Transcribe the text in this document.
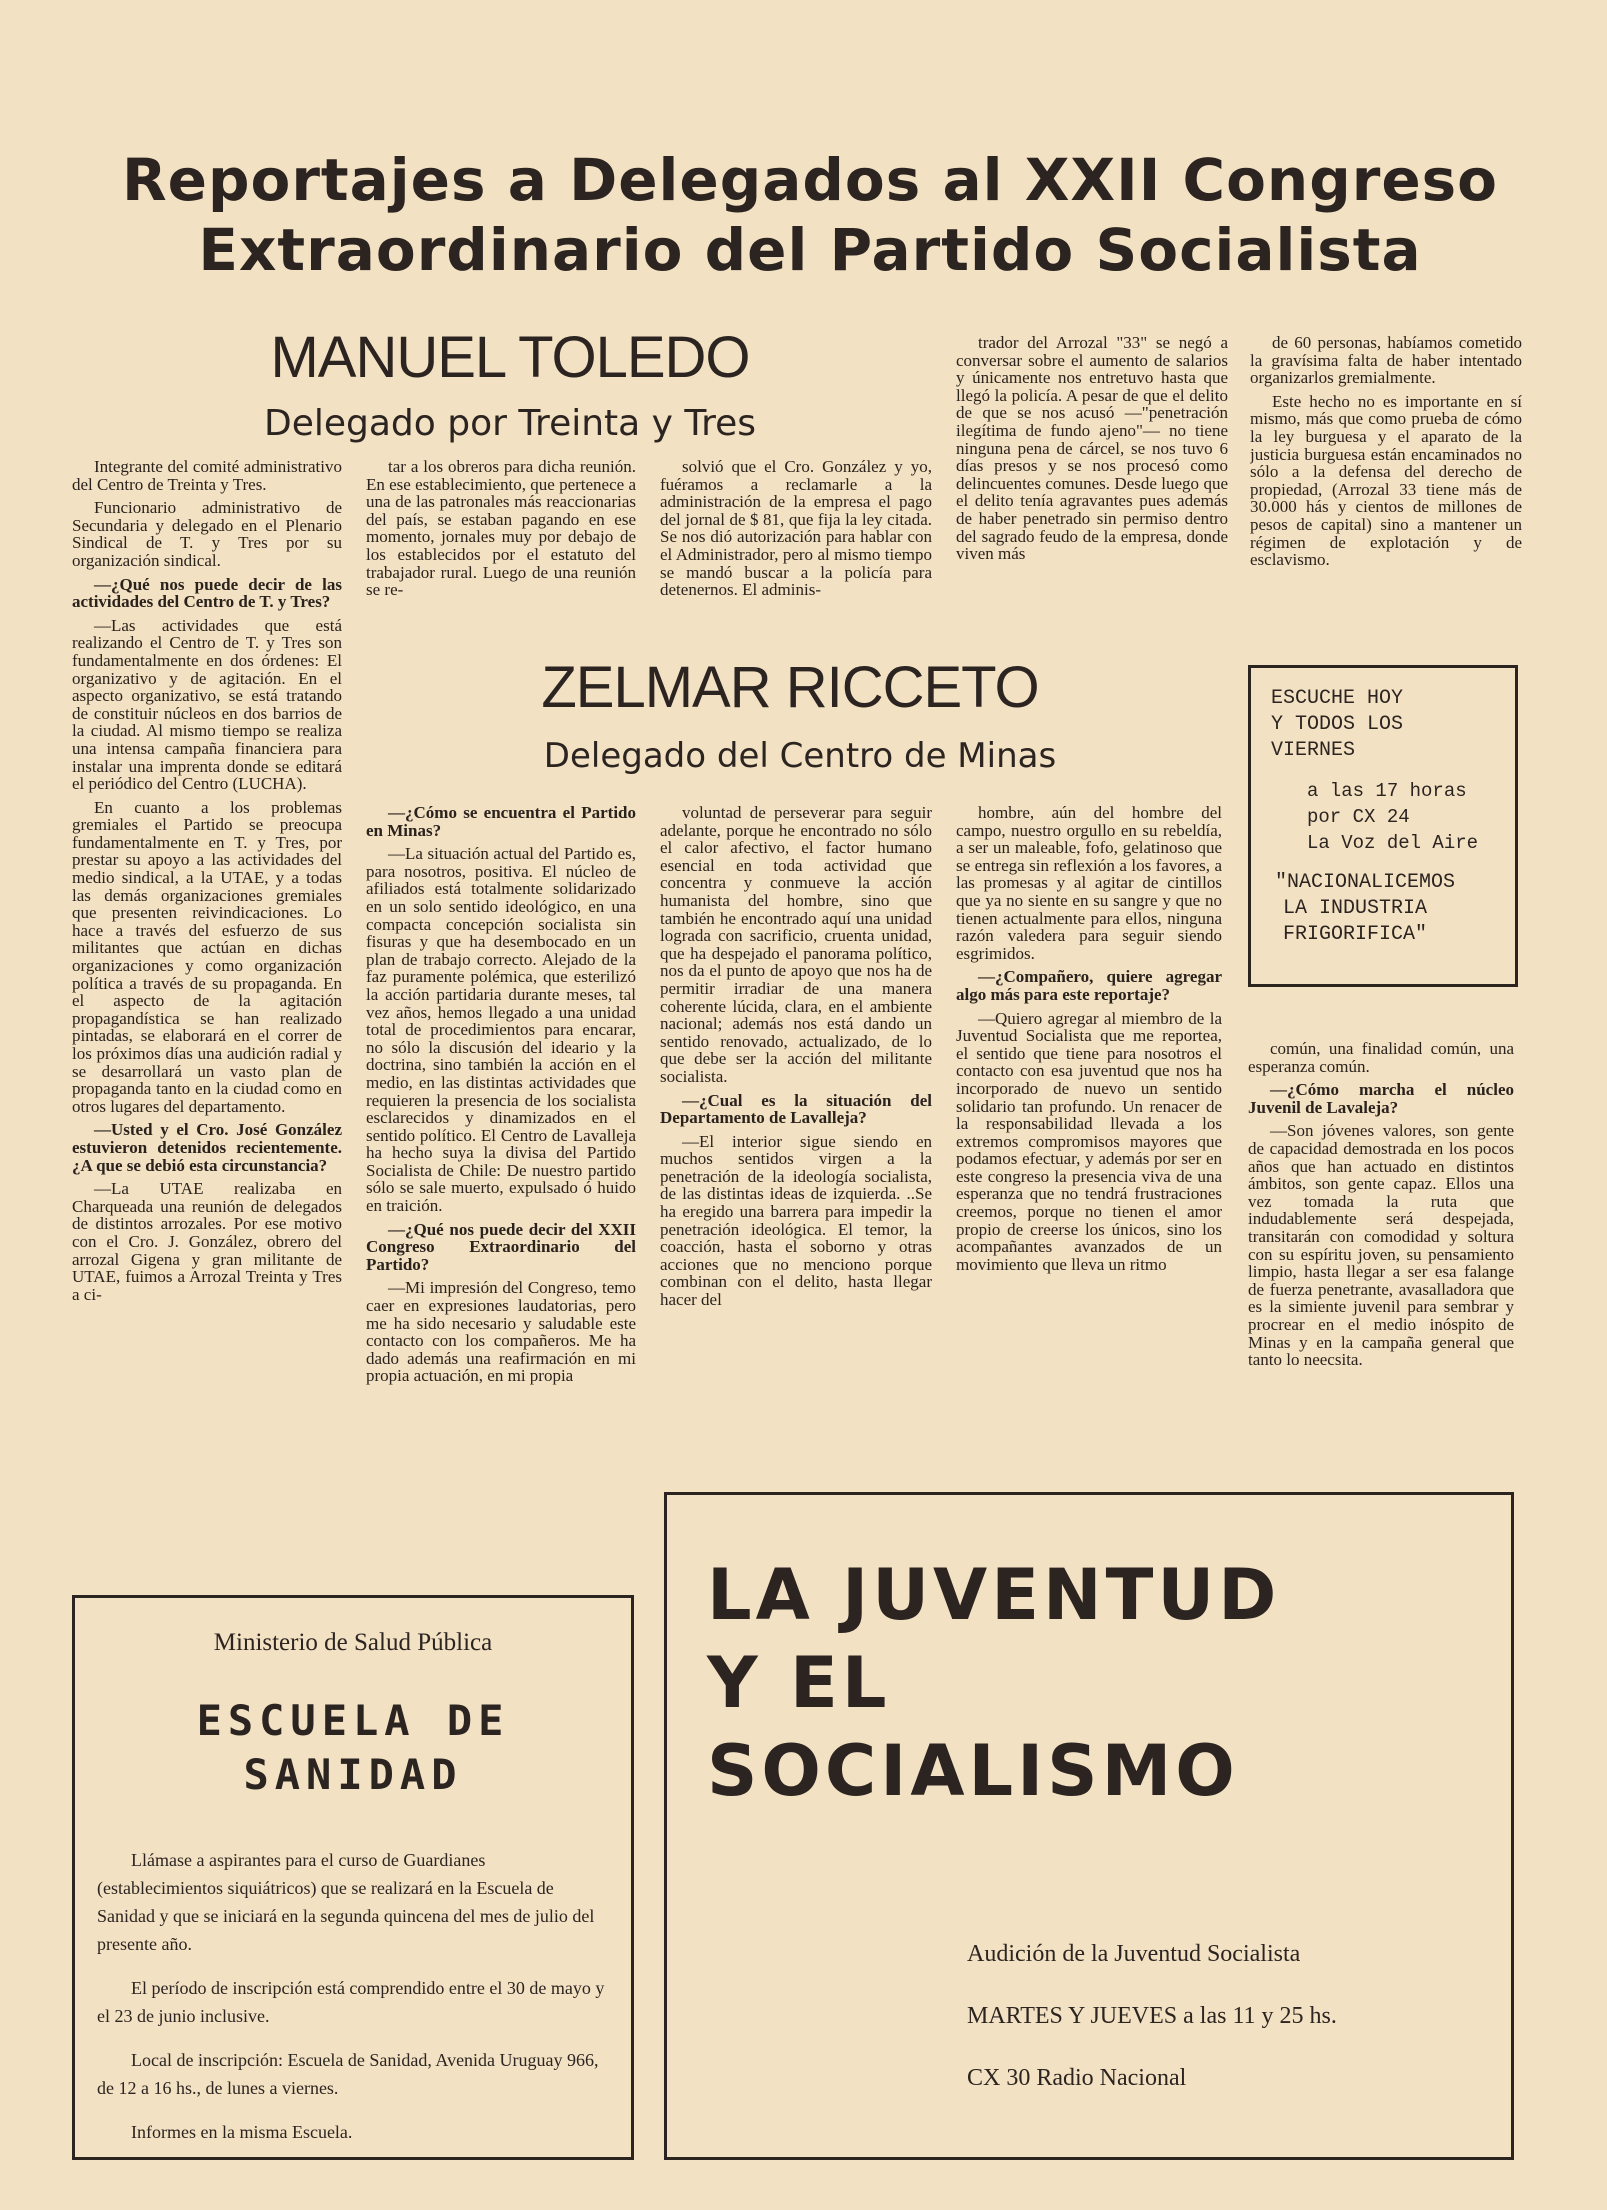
Reportajes a Delegados al XXII Congreso
Extraordinario del Partido Socialista
MANUEL TOLEDO
Delegado por Treinta y Tres

Integrante del comité administrativo del Centro de Treinta y Tres.

Funcionario administrativo de Secundaria y delegado en el Plenario Sindical de T. y Tres por su organización sindical.

—¿Qué nos puede decir de las actividades del Centro de T. y Tres?

—Las actividades que está realizando el Centro de T. y Tres son fundamentalmente en dos órdenes: El organizativo y de agitación. En el aspecto organizativo, se está tratando de constituir núcleos en dos barrios de la ciudad. Al mismo tiempo se realiza una intensa campaña financiera para instalar una imprenta donde se editará el periódico del Centro (LUCHA).

En cuanto a los problemas gremiales el Partido se preocupa fundamentalmente en T. y Tres, por prestar su apoyo a las actividades del medio sindical, a la UTAE, y a todas las demás organizaciones gremiales que presenten reivindicaciones. Lo hace a través del esfuerzo de sus militantes que actúan en dichas organizaciones y como organización política a través de su propaganda. En el aspecto de la agitación propagandística se han realizado pintadas, se elaborará en el correr de los próximos días una audición radial y se desarrollará un vasto plan de propaganda tanto en la ciudad como en otros lugares del departamento.

—Usted y el Cro. José González estuvieron detenidos recientemente. ¿A que se debió esta circunstancia?

—La UTAE realizaba en Charqueada una reunión de delegados de distintos arrozales. Por ese motivo con el Cro. J. González, obrero del arrozal Gigena y gran militante de UTAE, fuimos a Arrozal Treinta y Tres a ci-

tar a los obreros para dicha reunión. En ese establecimiento, que pertenece a una de las patronales más reaccionarias del país, se estaban pagando en ese momento, jornales muy por debajo de los establecidos por el estatuto del trabajador rural. Luego de una reunión se re-

solvió que el Cro. González y yo, fuéramos a reclamarle a la administración de la empresa el pago del jornal de $ 81, que fija la ley citada. Se nos dió autorización para hablar con el Administrador, pero al mismo tiempo se mandó buscar a la policía para detenernos. El adminis-

trador del Arrozal "33" se negó a conversar sobre el aumento de salarios y únicamente nos entretuvo hasta que llegó la policía. A pesar de que el delito de que se nos acusó —"penetración ilegítima de fundo ajeno"— no tiene ninguna pena de cárcel, se nos tuvo 6 días presos y se nos procesó como delincuentes comunes. Desde luego que el delito tenía agravantes pues además de haber penetrado sin permiso dentro del sagrado feudo de la empresa, donde viven más

de 60 personas, habíamos cometido la gravísima falta de haber intentado organizarlos gremialmente.

Este hecho no es importante en sí mismo, más que como prueba de cómo la ley burguesa y el aparato de la justicia burguesa están encaminados no sólo a la defensa del derecho de propiedad, (Arrozal 33 tiene más de 30.000 hás y cientos de millones de pesos de capital) sino a mantener un régimen de explotación y de esclavismo.

ZELMAR RICCETO
Delegado del Centro de Minas

—¿Cómo se encuentra el Partido en Minas?

—La situación actual del Partido es, para nosotros, positiva. El núcleo de afiliados está totalmente solidarizado en un solo sentido ideológico, en una compacta concepción socialista sin fisuras y que ha desembocado en un plan de trabajo correcto. Alejado de la faz puramente polémica, que esterilizó la acción partidaria durante meses, tal vez años, hemos llegado a una unidad total de procedimientos para encarar, no sólo la discusión del ideario y la doctrina, sino también la acción en el medio, en las distintas actividades que requieren la presencia de los socialista esclarecidos y dinamizados en el sentido político. El Centro de Lavalleja ha hecho suya la divisa del Partido Socialista de Chile: De nuestro partido sólo se sale muerto, expulsado ó huido en traición.

—¿Qué nos puede decir del XXII Congreso Extraordinario del Partido?

—Mi impresión del Congreso, temo caer en expresiones laudatorias, pero me ha sido necesario y saludable este contacto con los compañeros. Me ha dado además una reafirmación en mi propia actuación, en mi propia

voluntad de perseverar para seguir adelante, porque he encontrado no sólo el calor afectivo, el factor humano esencial en toda actividad que concentra y conmueve la acción humanista del hombre, sino que también he encontrado aquí una unidad lograda con sacrificio, cruenta unidad, que ha despejado el panorama político, nos da el punto de apoyo que nos ha de permitir irradiar de una manera coherente lúcida, clara, en el ambiente nacional; además nos está dando un sentido renovado, actualizado, de lo que debe ser la acción del militante socialista.

—¿Cual es la situación del Departamento de Lavalleja?

—El interior sigue siendo en muchos sentidos virgen a la penetración de la ideología socialista, de las distintas ideas de izquierda. ..Se ha eregido una barrera para impedir la penetración ideológica. El temor, la coacción, hasta el soborno y otras acciones que no menciono porque combinan con el delito, hasta llegar hacer del

hombre, aún del hombre del campo, nuestro orgullo en su rebeldía, a ser un maleable, fofo, gelatinoso que se entrega sin reflexión a los favores, a las promesas y al agitar de cintillos que ya no siente en su sangre y que no tienen actualmente para ellos, ninguna razón valedera para seguir siendo esgrimidos.

—¿Compañero, quiere agregar algo más para este reportaje?

—Quiero agregar al miembro de la Juventud Socialista que me reportea, el sentido que tiene para nosotros el contacto con esa juventud que nos ha incorporado de nuevo un sentido solidario tan profundo. Un renacer de la responsabilidad llevada a los extremos compromisos mayores que podamos efectuar, y además por ser en este congreso la presencia viva de una esperanza que no tendrá frustraciones creemos, porque no tienen el amor propio de creerse los únicos, sino los acompañantes avanzados de un movimiento que lleva un ritmo

común, una finalidad común, una esperanza común.

—¿Cómo marcha el núcleo Juvenil de Lavaleja?

—Son jóvenes valores, son gente de capacidad demostrada en los pocos años que han actuado en distintos ámbitos, son gente capaz. Ellos una vez tomada la ruta que indudablemente será despejada, transitarán con comodidad y soltura con su espíritu joven, su pensamiento limpio, hasta llegar a ser esa falange de fuerza penetrante, avasalladora que es la simiente juvenil para sembrar y procrear en el medio inóspito de Minas y en la campaña general que tanto lo neecsita.

ESCUCHE HOY
Y TODOS LOS
VIERNES
a las 17 horas
por CX 24
La Voz del Aire
"NACIONALICEMOS
LA INDUSTRIA
FRIGORIFICA"
Ministerio de Salud Pública
ESCUELA DE SANIDAD

Llámase a aspirantes para el curso de Guardianes (establecimientos siquiátricos) que se realizará en la Escuela de Sanidad y que se iniciará en la segunda quincena del mes de julio del presente año.

El período de inscripción está comprendido entre el 30 de mayo y el 23 de junio inclusive.

Local de inscripción: Escuela de Sanidad, Avenida Uruguay 966, de 12 a 16 hs., de lunes a viernes.

Informes en la misma Escuela.

LA JUVENTUD
Y EL
SOCIALISMO
Audición de la Juventud Socialista
MARTES Y JUEVES a las 11 y 25 hs.
CX 30 Radio Nacional
